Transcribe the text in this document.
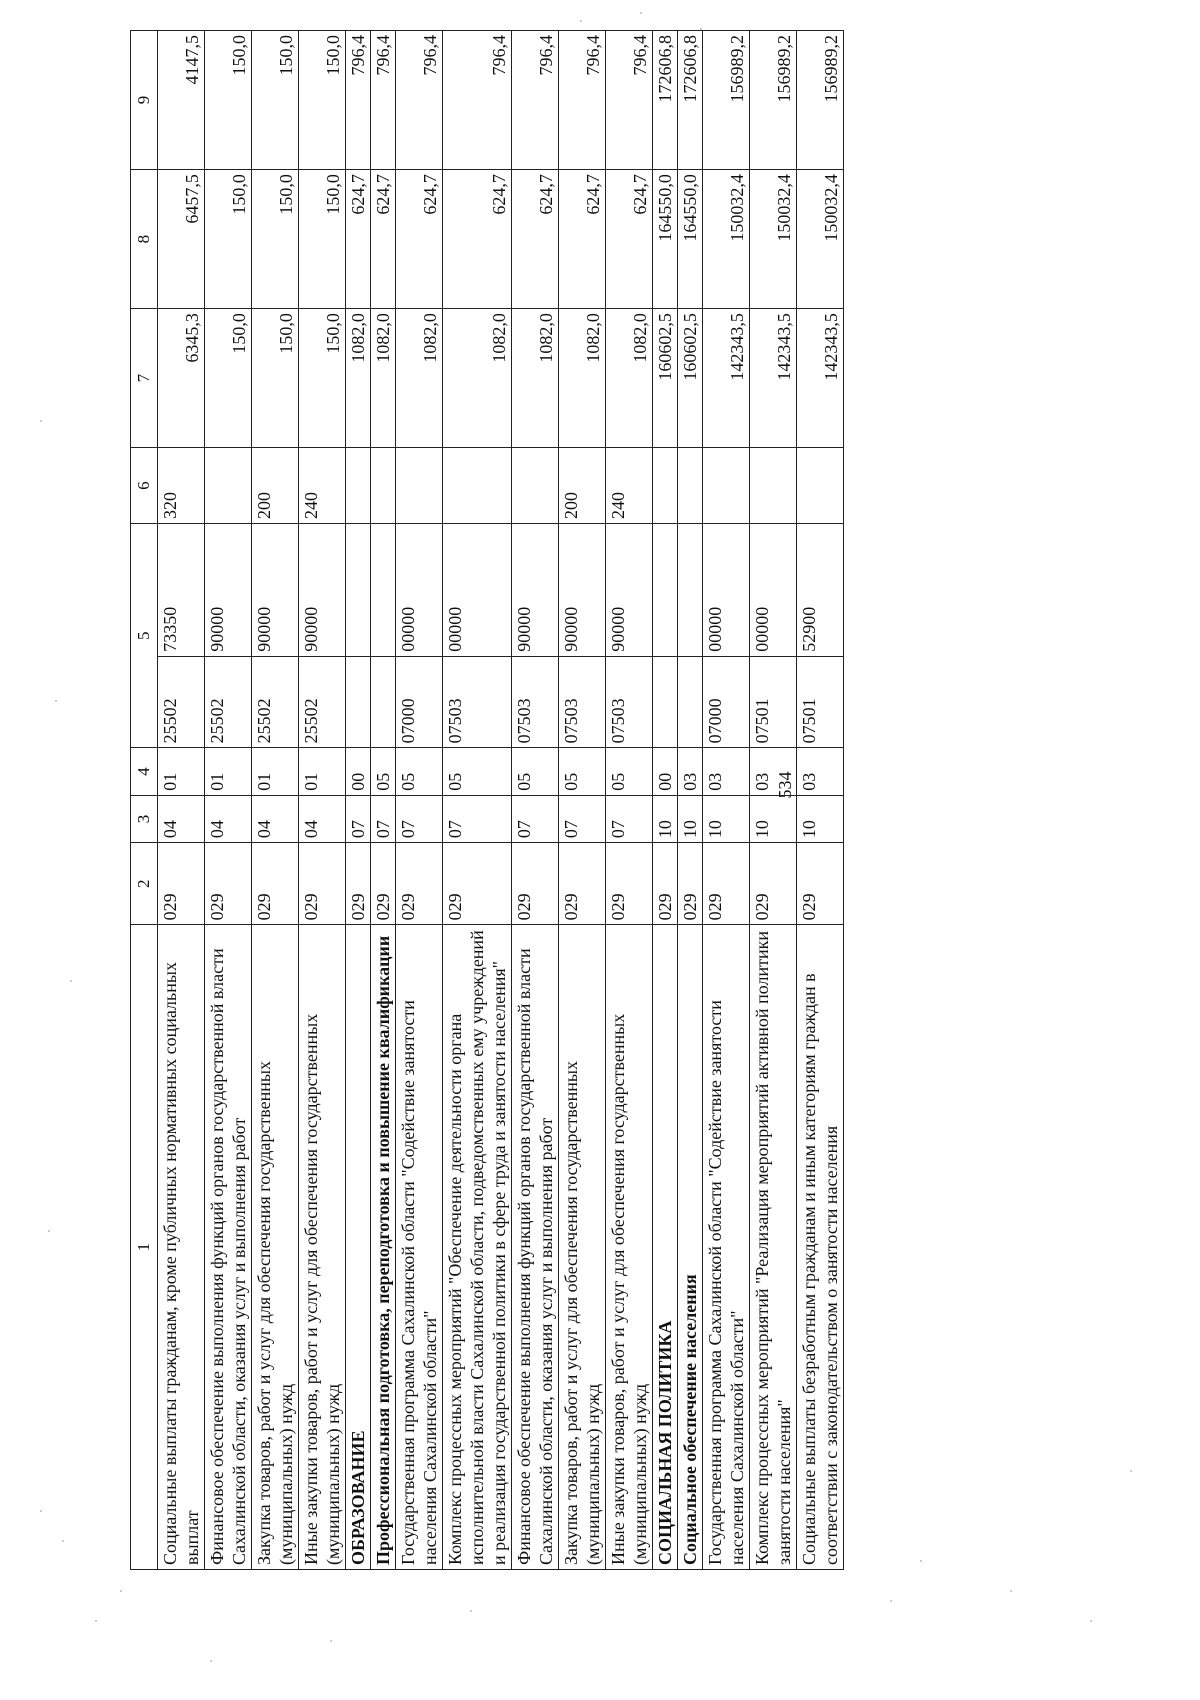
534
1	2	3	4	5		6	7	8	9
Социальные выплаты гражданам, кроме публичных нормативных социальных выплат	029	04	01	25502	73350	320	6345,3	6457,5	4147,5
Финансовое обеспечение выполнения функций органов государственной власти Сахалинской области, оказания услуг и выполнения работ	029	04	01	25502	90000		150,0	150,0	150,0
Закупка товаров, работ и услуг для обеспечения государственных (муниципальных) нужд	029	04	01	25502	90000	200	150,0	150,0	150,0
Иные закупки товаров, работ и услуг для обеспечения государственных (муниципальных) нужд	029	04	01	25502	90000	240	150,0	150,0	150,0
ОБРАЗОВАНИЕ	029	07	00				1082,0	624,7	796,4
Профессиональная подготовка, переподготовка и повышение квалификации	029	07	05				1082,0	624,7	796,4
Государственная программа Сахалинской области "Содействие занятости населения Сахалинской области"	029	07	05	07000	00000		1082,0	624,7	796,4
Комплекс процессных мероприятий "Обеспечение деятельности органа исполнительной власти Сахалинской области, подведомственных ему учреждений и реализация государственной политики в сфере труда и занятости населения"	029	07	05	07503	00000		1082,0	624,7	796,4
Финансовое обеспечение выполнения функций органов государственной власти Сахалинской области, оказания услуг и выполнения работ	029	07	05	07503	90000		1082,0	624,7	796,4
Закупка товаров, работ и услуг для обеспечения государственных (муниципальных) нужд	029	07	05	07503	90000	200	1082,0	624,7	796,4
Иные закупки товаров, работ и услуг для обеспечения государственных (муниципальных) нужд	029	07	05	07503	90000	240	1082,0	624,7	796,4
СОЦИАЛЬНАЯ ПОЛИТИКА	029	10	00				160602,5	164550,0	172606,8
Социальное обеспечение населения	029	10	03				160602,5	164550,0	172606,8
Государственная программа Сахалинской области "Содействие занятости населения Сахалинской области"	029	10	03	07000	00000		142343,5	150032,4	156989,2
Комплекс процессных мероприятий "Реализация мероприятий активной политики занятости населения"	029	10	03	07501	00000		142343,5	150032,4	156989,2
Социальные выплаты безработным гражданам и иным категориям граждан в соответствии с законодательством о занятости населения	029	10	03	07501	52900		142343,5	150032,4	156989,2
